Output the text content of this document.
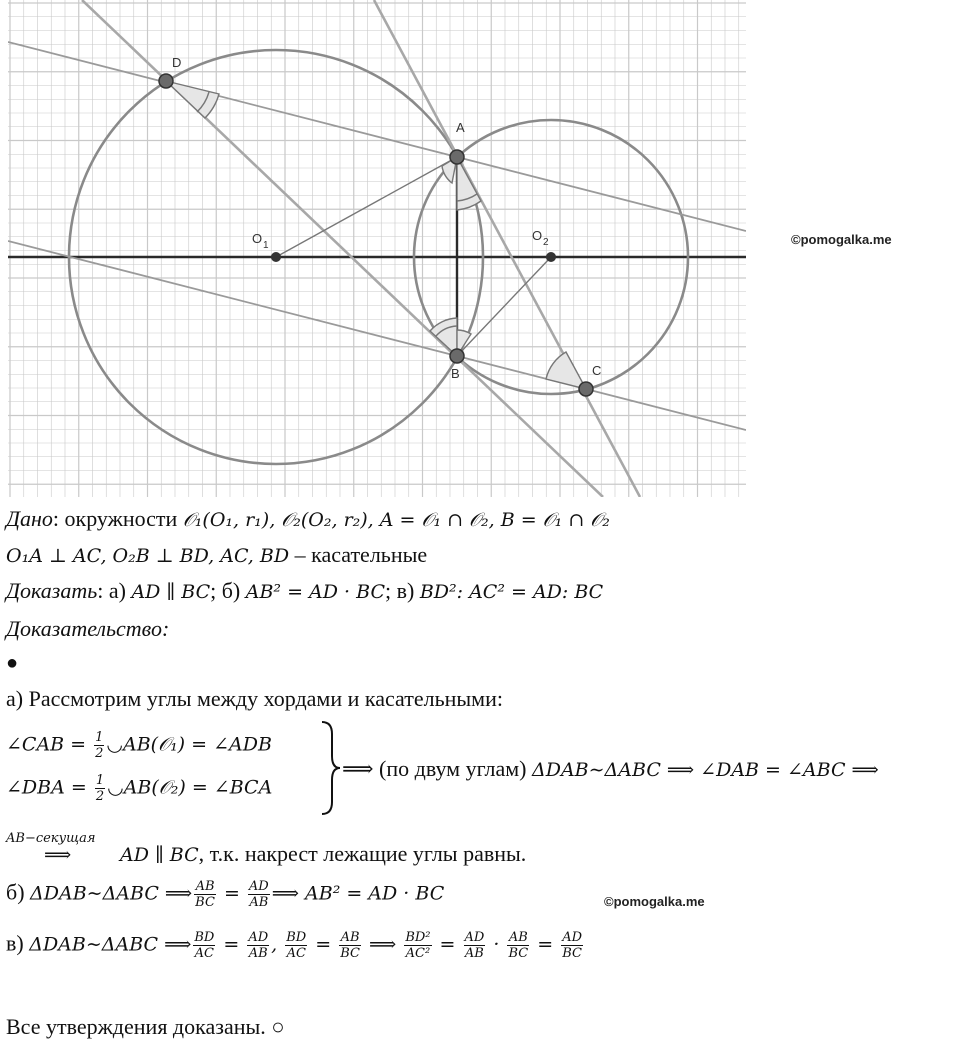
D
A
B	C
O 1
O 2	©pomogalka.me
Дано: окружности 𝒪₁(O₁, r₁), 𝒪₂(O₂, r₂), A = 𝒪₁ ∩ 𝒪₂, B = 𝒪₁ ∩ 𝒪₂
O₁A ⊥ AC, O₂B ⊥ BD, AC, BD – касательные
Доказать: а) AD ∥ BC; б) AB² = AD · BC; в) BD²: AC² = AD: BC
Доказательство:
●
а) Рассмотрим углы между хордами и касательными:
∠CAB = $\frac{1}{2}$ ◡AB(𝒪₁) = ∠ADB
∠DBA = $\frac{1}{2}$ ◡AB(𝒪₂) = ∠BCA
⟹ (по двум углам) ΔDAB∼ΔABC ⟹ ∠DAB = ∠ABC ⟹
AB−секущая
⟹	AD ∥ BC, т.к. накрест лежащие углы равны.
б) ΔDAB∼ΔABC ⟹ $\frac{AB}{BC} = \frac{AD}{AB}$ ⟹ AB² = AD · BC	©pomogalka.me
в) ΔDAB∼ΔABC ⟹ $\frac{BD}{AC} = \frac{AD}{AB}$ , $\frac{BD}{AC} = \frac{AB}{BC}$ ⟹ $\frac{\text{BD²}}{\text{AC²}} = \frac{AD}{AB} \cdot \frac{AB}{BC} = \frac{AD}{BC}$
Все утверждения доказаны. ○
